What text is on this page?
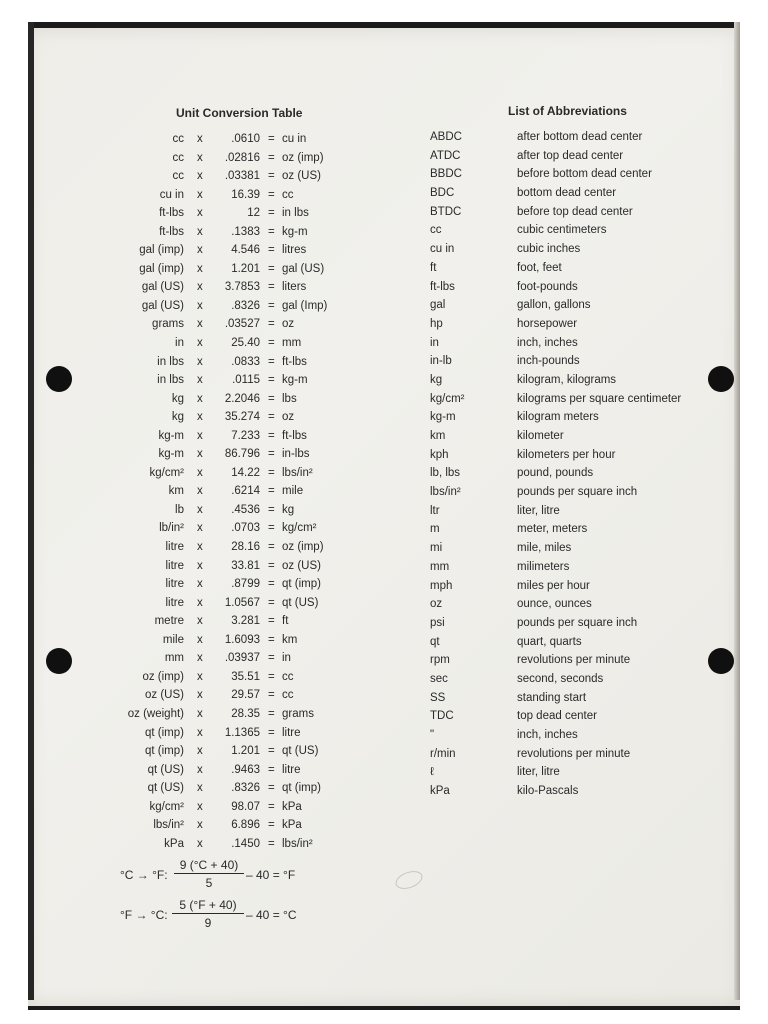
Unit Conversion Table	List of Abbreviations
cc x .0610 = cu in
cc x .02816 = oz (imp)
cc x .03381 = oz (US)
cu in x 16.39 = cc
ft-lbs x	12 = in lbs
ft-lbs x .1383 = kg-m
gal (imp) x 4.546 = litres
gal (imp) x 1.201 = gal (US)
gal (US) x 3.7853 = liters
gal (US) x .8326 = gal (Imp)
grams x .03527 = oz
in x 25.40 = mm
in lbs x .0833 = ft-lbs
in lbs x	.0115 = kg-m
kg x 2.2046 = lbs
kg x 35.274 = oz
kg-m x 7.233 = ft-lbs
kg-m x 86.796 = in-lbs
kg/cm² x 14.22 = lbs/in²
km x .6214 = mile
lb x .4536 = kg
lb/in² x .0703 = kg/cm²
litre x 28.16 = oz (imp)
litre x 33.81 = oz (US)
litre x .8799 = qt (imp)
litre x 1.0567 = qt (US)
metre x 3.281 = ft
mile x 1.6093 = km
mm x .03937 = in
oz (imp) x 35.51 = cc
oz (US) x 29.57 = cc
oz (weight) x 28.35 = grams
qt (imp) x 1.1365 = litre
qt (imp) x 1.201 = qt (US)
qt (US) x .9463 = litre
qt (US) x .8326 = qt (imp)
kg/cm² x 98.07 = kPa
lbs/in² x 6.896 = kPa
kPa x .1450 = lbs/in²
ABDC	after bottom dead center
ATDC	after top dead center
BBDC	before bottom dead center
BDC	bottom dead center
BTDC	before top dead center
cc	cubic centimeters
cu in	cubic inches
ft	foot, feet
ft-lbs	foot-pounds
gal	gallon, gallons
hp	horsepower
in	inch, inches
in-lb	inch-pounds
kg	kilogram, kilograms
kg/cm²	kilograms per square centimeter
kg-m	kilogram meters
km	kilometer
kph	kilometers per hour
lb, lbs	pound, pounds
lbs/in²	pounds per square inch
ltr	liter, litre
m	meter, meters
mi	mile, miles
mm	milimeters
mph	miles per hour
oz	ounce, ounces
psi	pounds per square inch
qt	quart, quarts
rpm	revolutions per minute
sec	second, seconds
SS	standing start
TDC	top dead center
"	inch, inches
r/min	revolutions per minute
ℓ	liter, litre
kPa	kilo-Pascals
°C → °F: $\frac{9 (^\circ C + 40)}{5} - 40 = ^\circ F$
°F → °C: $\frac{5 (^\circ F + 40)}{9} - 40 = ^\circ C$
